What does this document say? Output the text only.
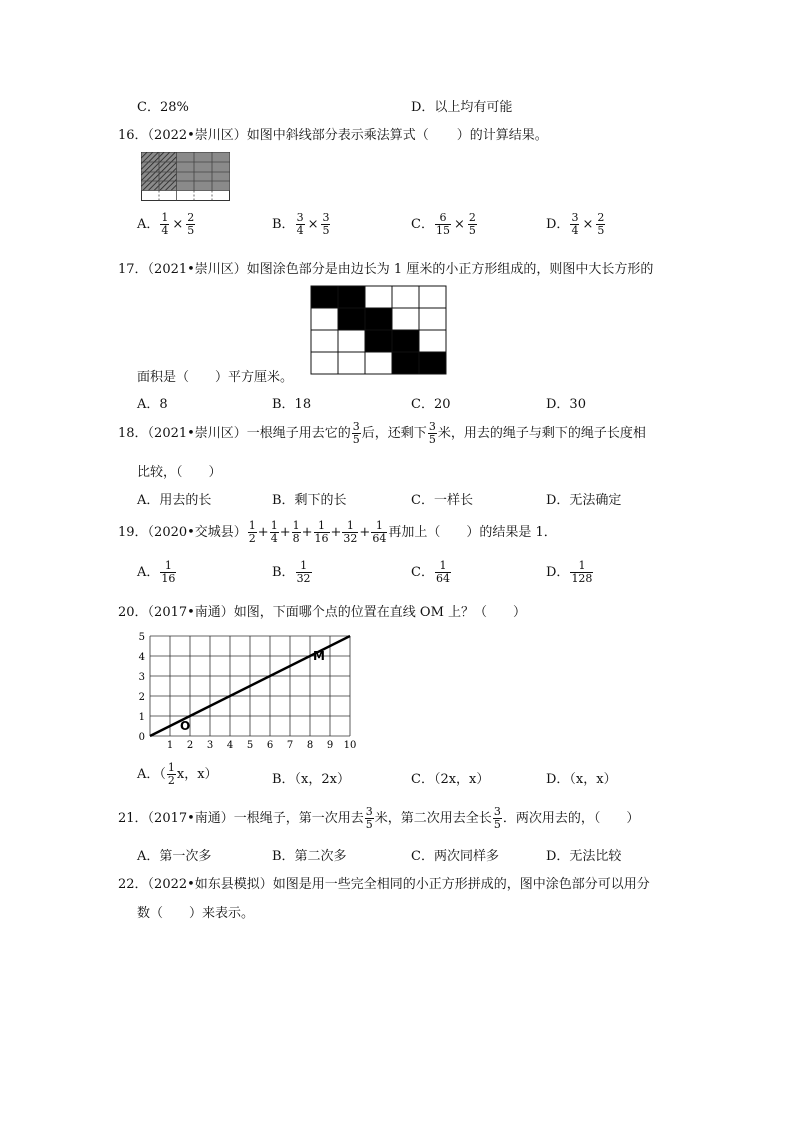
C．28%	D．以上均有可能
16．（2022•崇川区）如图中斜线部分表示乘法算式（ ）的计算结果。
A． $\frac{1}{4} \times \frac{2}{5}$	B． $\frac{3}{4} \times \frac{3}{5}$	C． $\frac{6}{15} \times \frac{2}{5}$	D． $\frac{3}{4} \times \frac{2}{5}$
17．（2021•崇川区）如图涂色部分是由边长为 1 厘米的小正方形组成的，则图中大长方形的
面积是（　　）平方厘米。
A．8	B．18	C．20	D．30
18．（2021•崇川区）一根绳子用去它的 $\frac{3}{5}$ 后，还剩下 $\frac{3}{5}$ 米，用去的绳子与剩下的绳子长度相
比较，（　　）
A．用去的长	B．剩下的长	C．一样长	D．无法确定
19．（2020•交城县） $\frac{1}{2} + \frac{1}{4} + \frac{1}{8} + \frac{1}{16} + \frac{1}{32} + \frac{1}{64}$ 再加上（　　）的结果是 1．
A． $\frac{1}{16}$	B． $\frac{1}{32}$	C． $\frac{1}{64}$	D． $\frac{1}{128}$
20．（2017•南通）如图，下面哪个点的位置在直线 OM 上？（　　）
1 2 3 4 5 6 7 8 9 10
0
1
2
3
4
5
O
M
A．（ $\frac{1}{2}$ x，x）	B．（x，2x）	C．（2x，x）	D．（x，x）
21．（2017•南通）一根绳子，第一次用去 $\frac{3}{5}$ 米，第二次用去全长 $\frac{3}{5}$ ．两次用去的，（　　）
A．第一次多	B．第二次多	C．两次同样多	D．无法比较
22．（2022•如东县模拟）如图是用一些完全相同的小正方形拼成的，图中涂色部分可以用分
数（　　）来表示。
